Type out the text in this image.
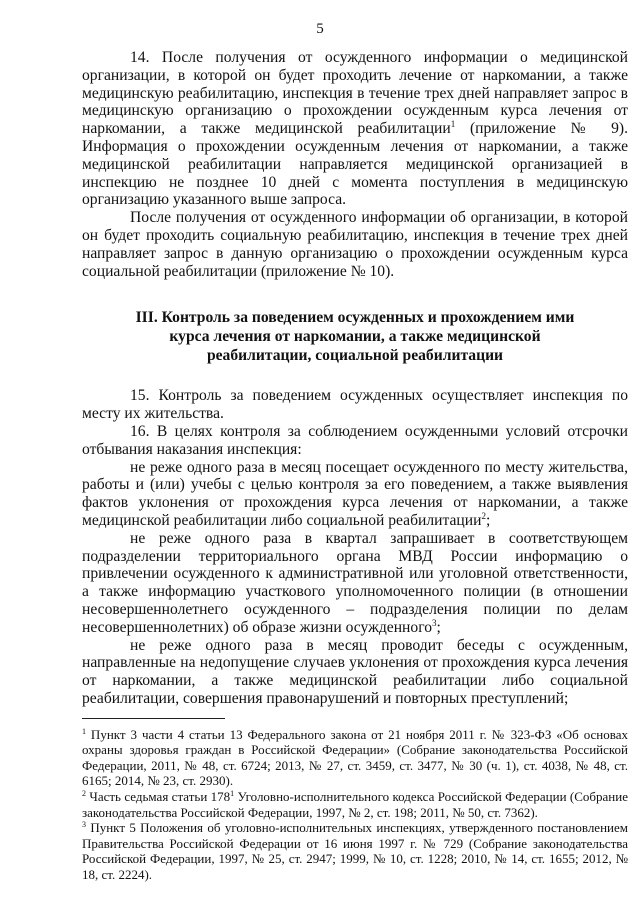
5

14. После получения от осужденного информации о медицинской организации, в которой он будет проходить лечение от наркомании, а также медицинскую реабилитацию, инспекция в течение трех дней направляет запрос в медицинскую организацию о прохождении осужденным курса лечения от наркомании, а также медицинской реабилитации$^1$ (приложение № 9). Информация о прохождении осужденным лечения от наркомании, а также медицинской реабилитации направляется медицинской организацией в инспекцию не позднее 10 дней с момента поступления в медицинскую организацию указанного выше запроса.

После получения от осужденного информации об организации, в которой он будет проходить социальную реабилитацию, инспекция в течение трех дней направляет запрос в данную организацию о прохождении осужденным курса социальной реабилитации (приложение № 10).

III. Контроль за поведением осужденных и прохождением ими курса лечения от наркомании, а также медицинской реабилитации, социальной реабилитации

15. Контроль за поведением осужденных осуществляет инспекция по месту их жительства.

16. В целях контроля за соблюдением осужденными условий отсрочки отбывания наказания инспекция:

не реже одного раза в месяц посещает осужденного по месту жительства, работы и (или) учебы с целью контроля за его поведением, а также выявления фактов уклонения от прохождения курса лечения от наркомании, а также медицинской реабилитации либо социальной реабилитации$^2$;

не реже одного раза в квартал запрашивает в соответствующем подразделении территориального органа МВД России информацию о привлечении осужденного к административной или уголовной ответственности, а также информацию участкового уполномоченного полиции (в отношении несовершеннолетнего осужденного – подразделения полиции по делам несовершеннолетних) об образе жизни осужденного$^3$;

не реже одного раза в месяц проводит беседы с осужденным, направленные на недопущение случаев уклонения от прохождения курса лечения от наркомании, а также медицинской реабилитации либо социальной реабилитации, совершения правонарушений и повторных преступлений;

$^1$ Пункт 3 части 4 статьи 13 Федерального закона от 21 ноября 2011 г. № 323-ФЗ «Об основах охраны здоровья граждан в Российской Федерации» (Собрание законодательства Российской Федерации, 2011, № 48, ст. 6724; 2013, № 27, ст. 3459, ст. 3477, № 30 (ч. 1), ст. 4038, № 48, ст. 6165; 2014, № 23, ст. 2930).

$^2$ Часть седьмая статьи $178^1$ Уголовно-исполнительного кодекса Российской Федерации (Собрание законодательства Российской Федерации, 1997, № 2, ст. 198; 2011, № 50, ст. 7362).

$^3$ Пункт 5 Положения об уголовно-исполнительных инспекциях, утвержденного постановлением Правительства Российской Федерации от 16 июня 1997 г. № 729 (Собрание законодательства Российской Федерации, 1997, № 25, ст. 2947; 1999, № 10, ст. 1228; 2010, № 14, ст. 1655; 2012, № 18, ст. 2224).
